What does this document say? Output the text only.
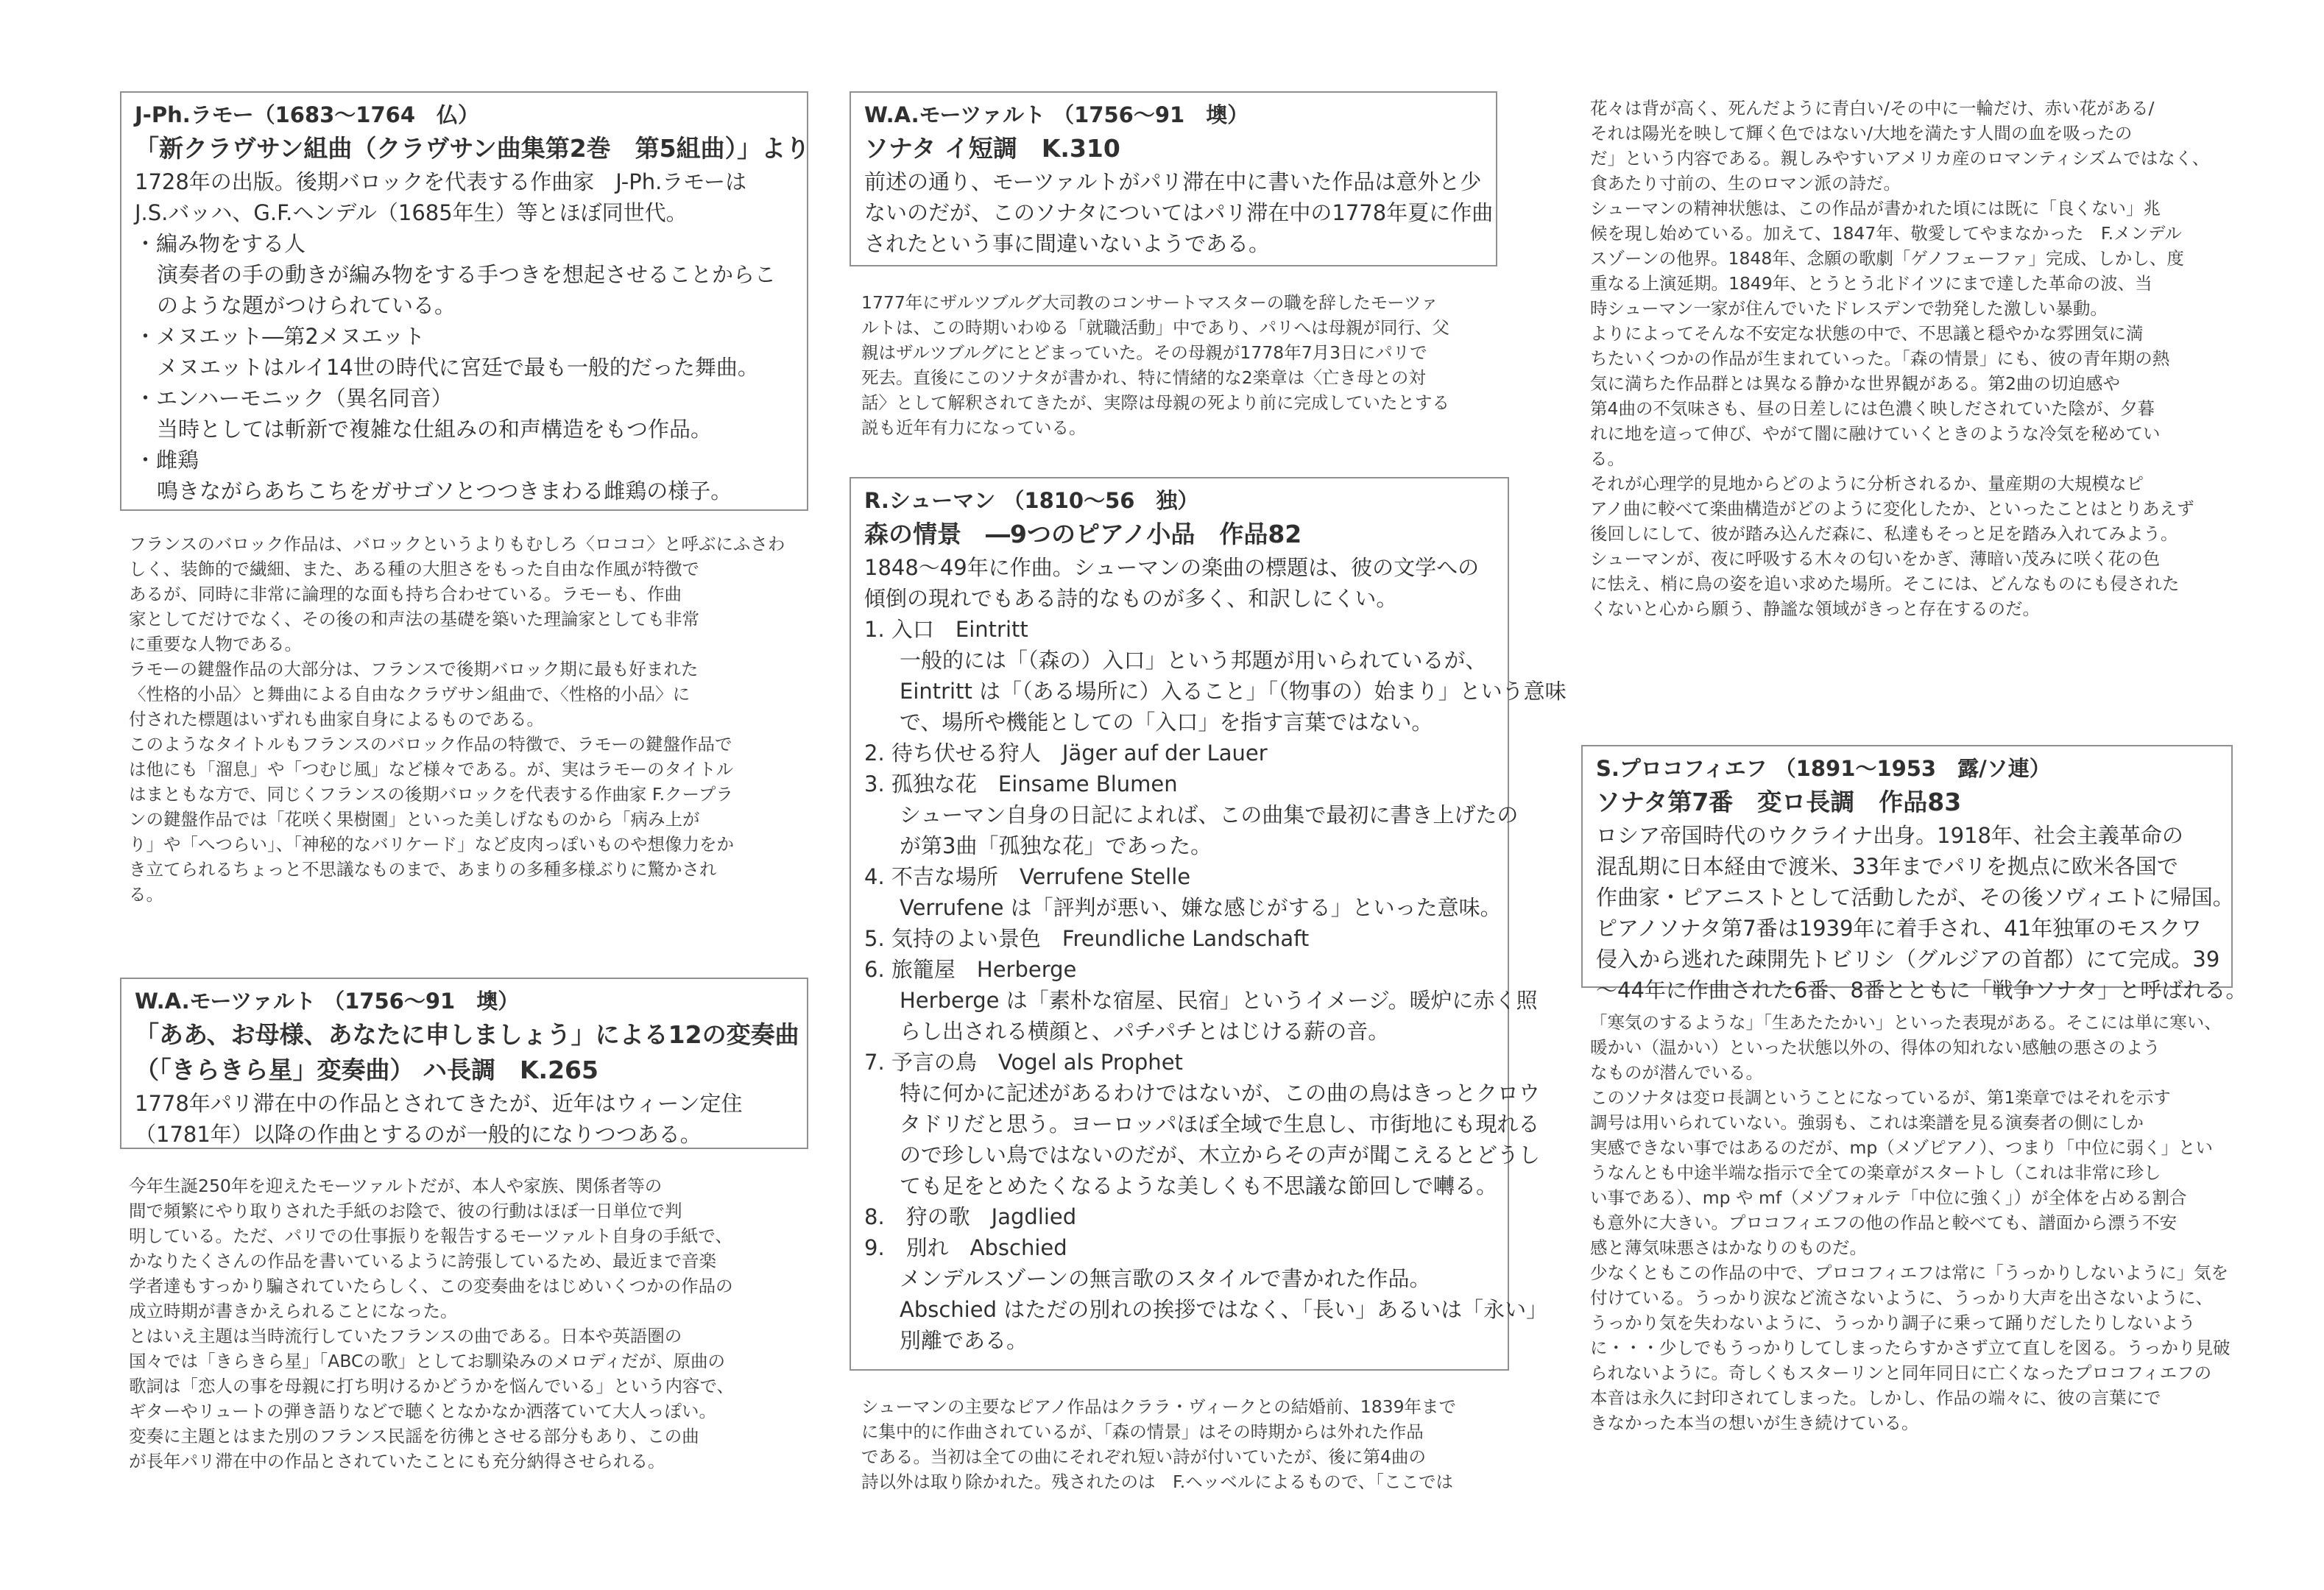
J-Ph.ラモー（1683～1764　仏）

「新クラヴサン組曲（クラヴサン曲集第2巻　第5組曲）」より

1728年の出版。後期バロックを代表する作曲家　J-Ph.ラモーは

J.S.バッハ、G.F.ヘンデル（1685年生）等とほぼ同世代。

・編み物をする人

演奏者の手の動きが編み物をする手つきを想起させることからこ

のような題がつけられている。

・メヌエット―第2メヌエット

メヌエットはルイ14世の時代に宮廷で最も一般的だった舞曲。

・エンハーモニック（異名同音）

当時としては斬新で複雑な仕組みの和声構造をもつ作品。

・雌鶏

鳴きながらあちこちをガサゴソとつつきまわる雌鶏の様子。

フランスのバロック作品は、バロックというよりもむしろ〈ロココ〉と呼ぶにふさわ

しく、装飾的で繊細、また、ある種の大胆さをもった自由な作風が特徴で

あるが、同時に非常に論理的な面も持ち合わせている。ラモーも、作曲

家としてだけでなく、その後の和声法の基礎を築いた理論家としても非常

に重要な人物である。

ラモーの鍵盤作品の大部分は、フランスで後期バロック期に最も好まれた

〈性格的小品〉と舞曲による自由なクラヴサン組曲で、〈性格的小品〉に

付された標題はいずれも曲家自身によるものである。

このようなタイトルもフランスのバロック作品の特徴で、ラモーの鍵盤作品で

は他にも「溜息」や「つむじ風」など様々である。が、実はラモーのタイトル

はまともな方で、同じくフランスの後期バロックを代表する作曲家 F.クープラ

ンの鍵盤作品では「花咲く果樹園」といった美しげなものから「病み上が

り」や「へつらい」、「神秘的なバリケード」など皮肉っぽいものや想像力をか

き立てられるちょっと不思議なものまで、あまりの多種多様ぶりに驚かされ

る。

W.A.モーツァルト （1756～91　墺）

「ああ、お母様、あなたに申しましょう」による12の変奏曲

（「きらきら星」変奏曲） ハ長調　K.265

1778年パリ滞在中の作品とされてきたが、近年はウィーン定住

（1781年）以降の作曲とするのが一般的になりつつある。

今年生誕250年を迎えたモーツァルトだが、本人や家族、関係者等の

間で頻繁にやり取りされた手紙のお陰で、彼の行動はほぼ一日単位で判

明している。ただ、パリでの仕事振りを報告するモーツァルト自身の手紙で、

かなりたくさんの作品を書いているように誇張しているため、最近まで音楽

学者達もすっかり騙されていたらしく、この変奏曲をはじめいくつかの作品の

成立時期が書きかえられることになった。

とはいえ主題は当時流行していたフランスの曲である。日本や英語圏の

国々では「きらきら星」「ABCの歌」としてお馴染みのメロディだが、原曲の

歌詞は「恋人の事を母親に打ち明けるかどうかを悩んでいる」という内容で、

ギターやリュートの弾き語りなどで聴くとなかなか洒落ていて大人っぽい。

変奏に主題とはまた別のフランス民謡を彷彿とさせる部分もあり、この曲

が長年パリ滞在中の作品とされていたことにも充分納得させられる。

W.A.モーツァルト （1756～91　墺）

ソナタ イ短調　K.310

前述の通り、モーツァルトがパリ滞在中に書いた作品は意外と少

ないのだが、このソナタについてはパリ滞在中の1778年夏に作曲

されたという事に間違いないようである。

1777年にザルツブルグ大司教のコンサートマスターの職を辞したモーツァ

ルトは、この時期いわゆる「就職活動」中であり、パリへは母親が同行、父

親はザルツブルグにとどまっていた。その母親が1778年7月3日にパリで

死去。直後にこのソナタが書かれ、特に情緒的な2楽章は〈亡き母との対

話〉として解釈されてきたが、実際は母親の死より前に完成していたとする

説も近年有力になっている。

R.シューマン （1810～56　独）

森の情景　―9つのピアノ小品　作品82

1848～49年に作曲。シューマンの楽曲の標題は、彼の文学への

傾倒の現れでもある詩的なものが多く、和訳しにくい。

1. 入口　Eintritt

一般的には「（森の）入口」という邦題が用いられているが、

Eintritt は「（ある場所に）入ること」「（物事の）始まり」という意味

で、場所や機能としての「入口」を指す言葉ではない。

2. 待ち伏せる狩人　Jäger auf der Lauer

3. 孤独な花　Einsame Blumen

シューマン自身の日記によれば、この曲集で最初に書き上げたの

が第3曲「孤独な花」であった。

4. 不吉な場所　Verrufene Stelle

Verrufene は「評判が悪い、嫌な感じがする」といった意味。

5. 気持のよい景色　Freundliche Landschaft

6. 旅籠屋　Herberge

Herberge は「素朴な宿屋、民宿」というイメージ。暖炉に赤く照

らし出される横顔と、パチパチとはじける薪の音。

7. 予言の鳥　Vogel als Prophet

特に何かに記述があるわけではないが、この曲の鳥はきっとクロウ

タドリだと思う。ヨーロッパほぼ全域で生息し、市街地にも現れる

ので珍しい鳥ではないのだが、木立からその声が聞こえるとどうし

ても足をとめたくなるような美しくも不思議な節回しで囀る。

8.　狩の歌　Jagdlied

9.　別れ　Abschied

メンデルスゾーンの無言歌のスタイルで書かれた作品。

Abschied はただの別れの挨拶ではなく、「長い」あるいは「永い」

別離である。

シューマンの主要なピアノ作品はクララ・ヴィークとの結婚前、1839年まで

に集中的に作曲されているが、「森の情景」はその時期からは外れた作品

である。当初は全ての曲にそれぞれ短い詩が付いていたが、後に第4曲の

詩以外は取り除かれた。残されたのは　F.ヘッベルによるもので、「ここでは

花々は背が高く、死んだように青白い/その中に一輪だけ、赤い花がある/

それは陽光を映して輝く色ではない/大地を満たす人間の血を吸ったの

だ」という内容である。親しみやすいアメリカ産のロマンティシズムではなく、

食あたり寸前の、生のロマン派の詩だ。

シューマンの精神状態は、この作品が書かれた頃には既に「良くない」兆

候を現し始めている。加えて、1847年、敬愛してやまなかった　F.メンデル

スゾーンの他界。1848年、念願の歌劇「ゲノフェーファ」完成、しかし、度

重なる上演延期。1849年、とうとう北ドイツにまで達した革命の波、当

時シューマン一家が住んでいたドレスデンで勃発した激しい暴動。

よりによってそんな不安定な状態の中で、不思議と穏やかな雰囲気に満

ちたいくつかの作品が生まれていった。「森の情景」にも、彼の青年期の熱

気に満ちた作品群とは異なる静かな世界観がある。第2曲の切迫感や

第4曲の不気味さも、昼の日差しには色濃く映しだされていた陰が、夕暮

れに地を這って伸び、やがて闇に融けていくときのような冷気を秘めてい

る。

それが心理学的見地からどのように分析されるか、量産期の大規模なピ

アノ曲に較べて楽曲構造がどのように変化したか、といったことはとりあえず

後回しにして、彼が踏み込んだ森に、私達もそっと足を踏み入れてみよう。

シューマンが、夜に呼吸する木々の匂いをかぎ、薄暗い茂みに咲く花の色

に怯え、梢に鳥の姿を追い求めた場所。そこには、どんなものにも侵された

くないと心から願う、静謐な領域がきっと存在するのだ。

S.プロコフィエフ （1891～1953　露/ソ連）

ソナタ第7番　変ロ長調　作品83

ロシア帝国時代のウクライナ出身。1918年、社会主義革命の

混乱期に日本経由で渡米、33年までパリを拠点に欧米各国で

作曲家・ピアニストとして活動したが、その後ソヴィエトに帰国。

ピアノソナタ第7番は1939年に着手され、41年独軍のモスクワ

侵入から逃れた疎開先トビリシ（グルジアの首都）にて完成。39

～44年に作曲された6番、8番とともに「戦争ソナタ」と呼ばれる。

「寒気のするような」「生あたたかい」といった表現がある。そこには単に寒い、

暖かい（温かい）といった状態以外の、得体の知れない感触の悪さのよう

なものが潜んでいる。

このソナタは変ロ長調ということになっているが、第1楽章ではそれを示す

調号は用いられていない。強弱も、これは楽譜を見る演奏者の側にしか

実感できない事ではあるのだが、mp（メゾピアノ）、つまり「中位に弱く」とい

うなんとも中途半端な指示で全ての楽章がスタートし（これは非常に珍し

い事である）、mp や mf（メゾフォルテ「中位に強く」）が全体を占める割合

も意外に大きい。プロコフィエフの他の作品と較べても、譜面から漂う不安

感と薄気味悪さはかなりのものだ。

少なくともこの作品の中で、プロコフィエフは常に「うっかりしないように」気を

付けている。うっかり涙など流さないように、うっかり大声を出さないように、

うっかり気を失わないように、うっかり調子に乗って踊りだしたりしないよう

に・・・少しでもうっかりしてしまったらすかさず立て直しを図る。うっかり見破

られないように。奇しくもスターリンと同年同日に亡くなったプロコフィエフの

本音は永久に封印されてしまった。しかし、作品の端々に、彼の言葉にで

きなかった本当の想いが生き続けている。
